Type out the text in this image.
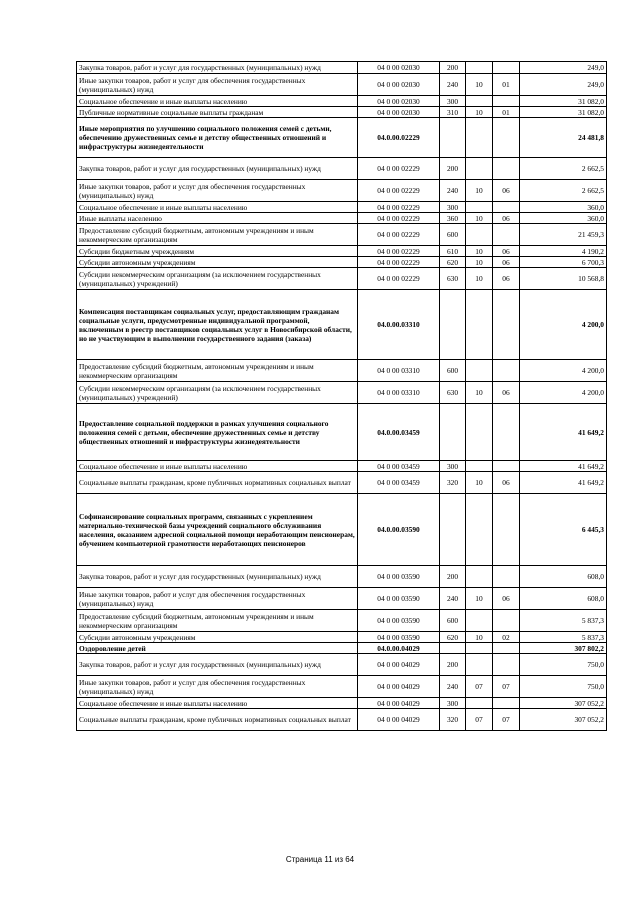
Закупка товаров, работ и услуг для государственных (муниципальных) нужд	04 0 00 02030	200			249,0
Иные закупки товаров, работ и услуг для обеспечения государственных (муниципальных) нужд	04 0 00 02030	240	10	01	249,0
Социальное обеспечение и иные выплаты населению	04 0 00 02030	300			31 082,0
Публичные нормативные социальные выплаты гражданам	04 0 00 02030	310	10	01	31 082,0
Иные мероприятия по улучшению социального положения семей с детьми, обеспечению дружественных семье и детству общественных отношений и инфраструктуры жизнедеятельности	04.0.00.02229				24 481,8
Закупка товаров, работ и услуг для государственных (муниципальных) нужд	04 0 00 02229	200			2 662,5
Иные закупки товаров, работ и услуг для обеспечения государственных (муниципальных) нужд	04 0 00 02229	240	10	06	2 662,5
Социальное обеспечение и иные выплаты населению	04 0 00 02229	300			360,0
Иные выплаты населению	04 0 00 02229	360	10	06	360,0
Предоставление субсидий бюджетным, автономным учреждениям и иным некоммерческим организациям	04 0 00 02229	600			21 459,3
Субсидии бюджетным учреждениям	04 0 00 02229	610	10	06	4 190,2
Субсидии автономным учреждениям	04 0 00 02229	620	10	06	6 700,3
Субсидии некоммерческим организациям (за исключением государственных (муниципальных) учреждений)	04 0 00 02229	630	10	06	10 568,8
Компенсация поставщикам социальных услуг, предоставляющим гражданам социальные услуги, предусмотренные индивидуальной программой, включенным в реестр поставщиков социальных услуг в Новосибирской области, но не участвующим в выполнении государственного задания (заказа)	04.0.00.03310				4 200,0
Предоставление субсидий бюджетным, автономным учреждениям и иным некоммерческим организациям	04 0 00 03310	600			4 200,0
Субсидии некоммерческим организациям (за исключением государственных (муниципальных) учреждений)	04 0 00 03310	630	10	06	4 200,0
Предоставление социальной поддержки в рамках улучшения социального положения семей с детьми, обеспечение дружественных семье и детству общественных отношений и инфраструктуры жизнедеятельности	04.0.00.03459				41 649,2
Социальное обеспечение и иные выплаты населению	04 0 00 03459	300			41 649,2
Социальные выплаты гражданам, кроме публичных нормативных социальных выплат	04 0 00 03459	320	10	06	41 649,2
Софинансирование социальных программ, связанных с укреплением материально-технической базы учреждений социального обслуживания населения, оказанием адресной социальной помощи неработающим пенсионерам, обучением компьютерной грамотности неработающих пенсионеров	04.0.00.03590				6 445,3
Закупка товаров, работ и услуг для государственных (муниципальных) нужд	04 0 00 03590	200			608,0
Иные закупки товаров, работ и услуг для обеспечения государственных (муниципальных) нужд	04 0 00 03590	240	10	06	608,0
Предоставление субсидий бюджетным, автономным учреждениям и иным некоммерческим организациям	04 0 00 03590	600			5 837,3
Субсидии автономным учреждениям	04 0 00 03590	620	10	02	5 837,3
Оздоровление детей	04.0.00.04029				307 802,2
Закупка товаров, работ и услуг для государственных (муниципальных) нужд	04 0 00 04029	200			750,0
Иные закупки товаров, работ и услуг для обеспечения государственных (муниципальных) нужд	04 0 00 04029	240	07	07	750,0
Социальное обеспечение и иные выплаты населению	04 0 00 04029	300			307 052,2
Социальные выплаты гражданам, кроме публичных нормативных социальных выплат	04 0 00 04029	320	07	07	307 052,2
Страница 11 из 64
